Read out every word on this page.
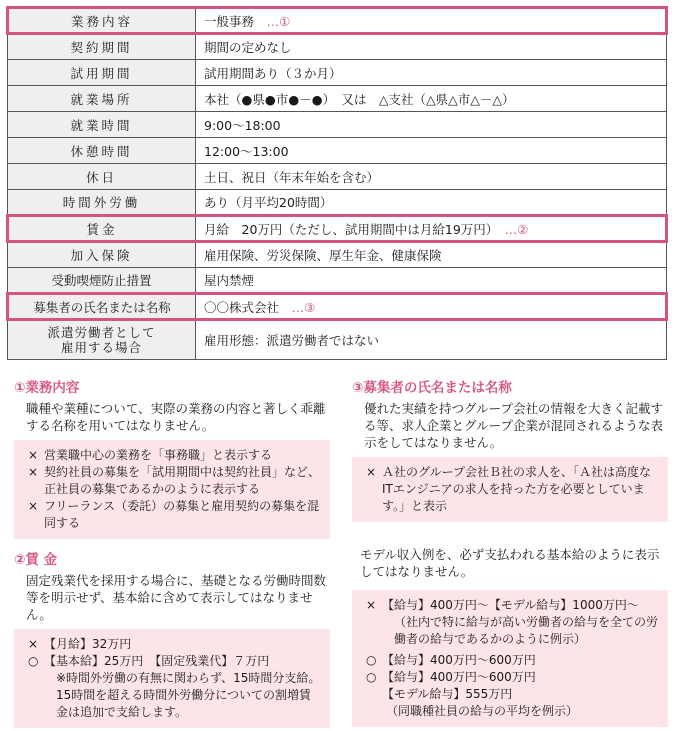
業務内容	一般事務　 …①
契約期間	期間の定めなし
試用期間	試用期間あり（３か月）
就業場所	本社（●県●市●－●）　又は　△支社（△県△市△－△）
就業時間	9:00〜18:00
休憩時間	12:00〜13:00
休日	土日、祝日（年末年始を含む）
時間外労働	あり（月平均20時間）
賃金	月給　20万円（ただし、試用期間中は月給19万円）　 …②
加入保険	雇用保険、労災保険、厚生年金、健康保険
受動喫煙防止措置	屋内禁煙
募集者の氏名または名称	〇〇株式会社　 …③

派遣労働者として
雇用する場合	雇用形態：派遣労働者ではない
①業務内容
職種や業種について、実際の業務の内容と著しく乖離する名称を用いてはなりません。
× 営業職中心の業務を「事務職」と表示する
× 契約社員の募集を「試用期間中は契約社員」など、正社員の募集であるかのように表示する
× フリーランス（委託）の募集と雇用契約の募集を混同する
②賃 金
固定残業代を採用する場合に、基礎となる労働時間数等を明示せず、基本給に含めて表示してはなりません。
× 【月給】32万円
○ 【基本給】25万円　【固定残業代】７万円
※時間外労働の有無に関わらず、15時間分支給。15時間を超える時間外労働分についての割増賃金は追加で支給します。
③募集者の氏名または名称
優れた実績を持つグループ会社の情報を大きく記載する等、求人企業とグループ企業が混同されるような表示をしてはなりません。
× Ａ社のグループ会社Ｂ社の求人を、「Ａ社は高度なITエンジニアの求人を持った方を必要としています。」と表示
モデル収入例を、必ず支払われる基本給のように表示してはなりません。
× 【給与】400万円〜【モデル給与】1000万円〜
（社内で特に給与が高い労働者の給与を全ての労働者の給与であるかのように例示）
○ 【給与】400万円〜600万円
○ 【給与】400万円〜600万円
【モデル給与】555万円
（同職種社員の給与の平均を例示）
